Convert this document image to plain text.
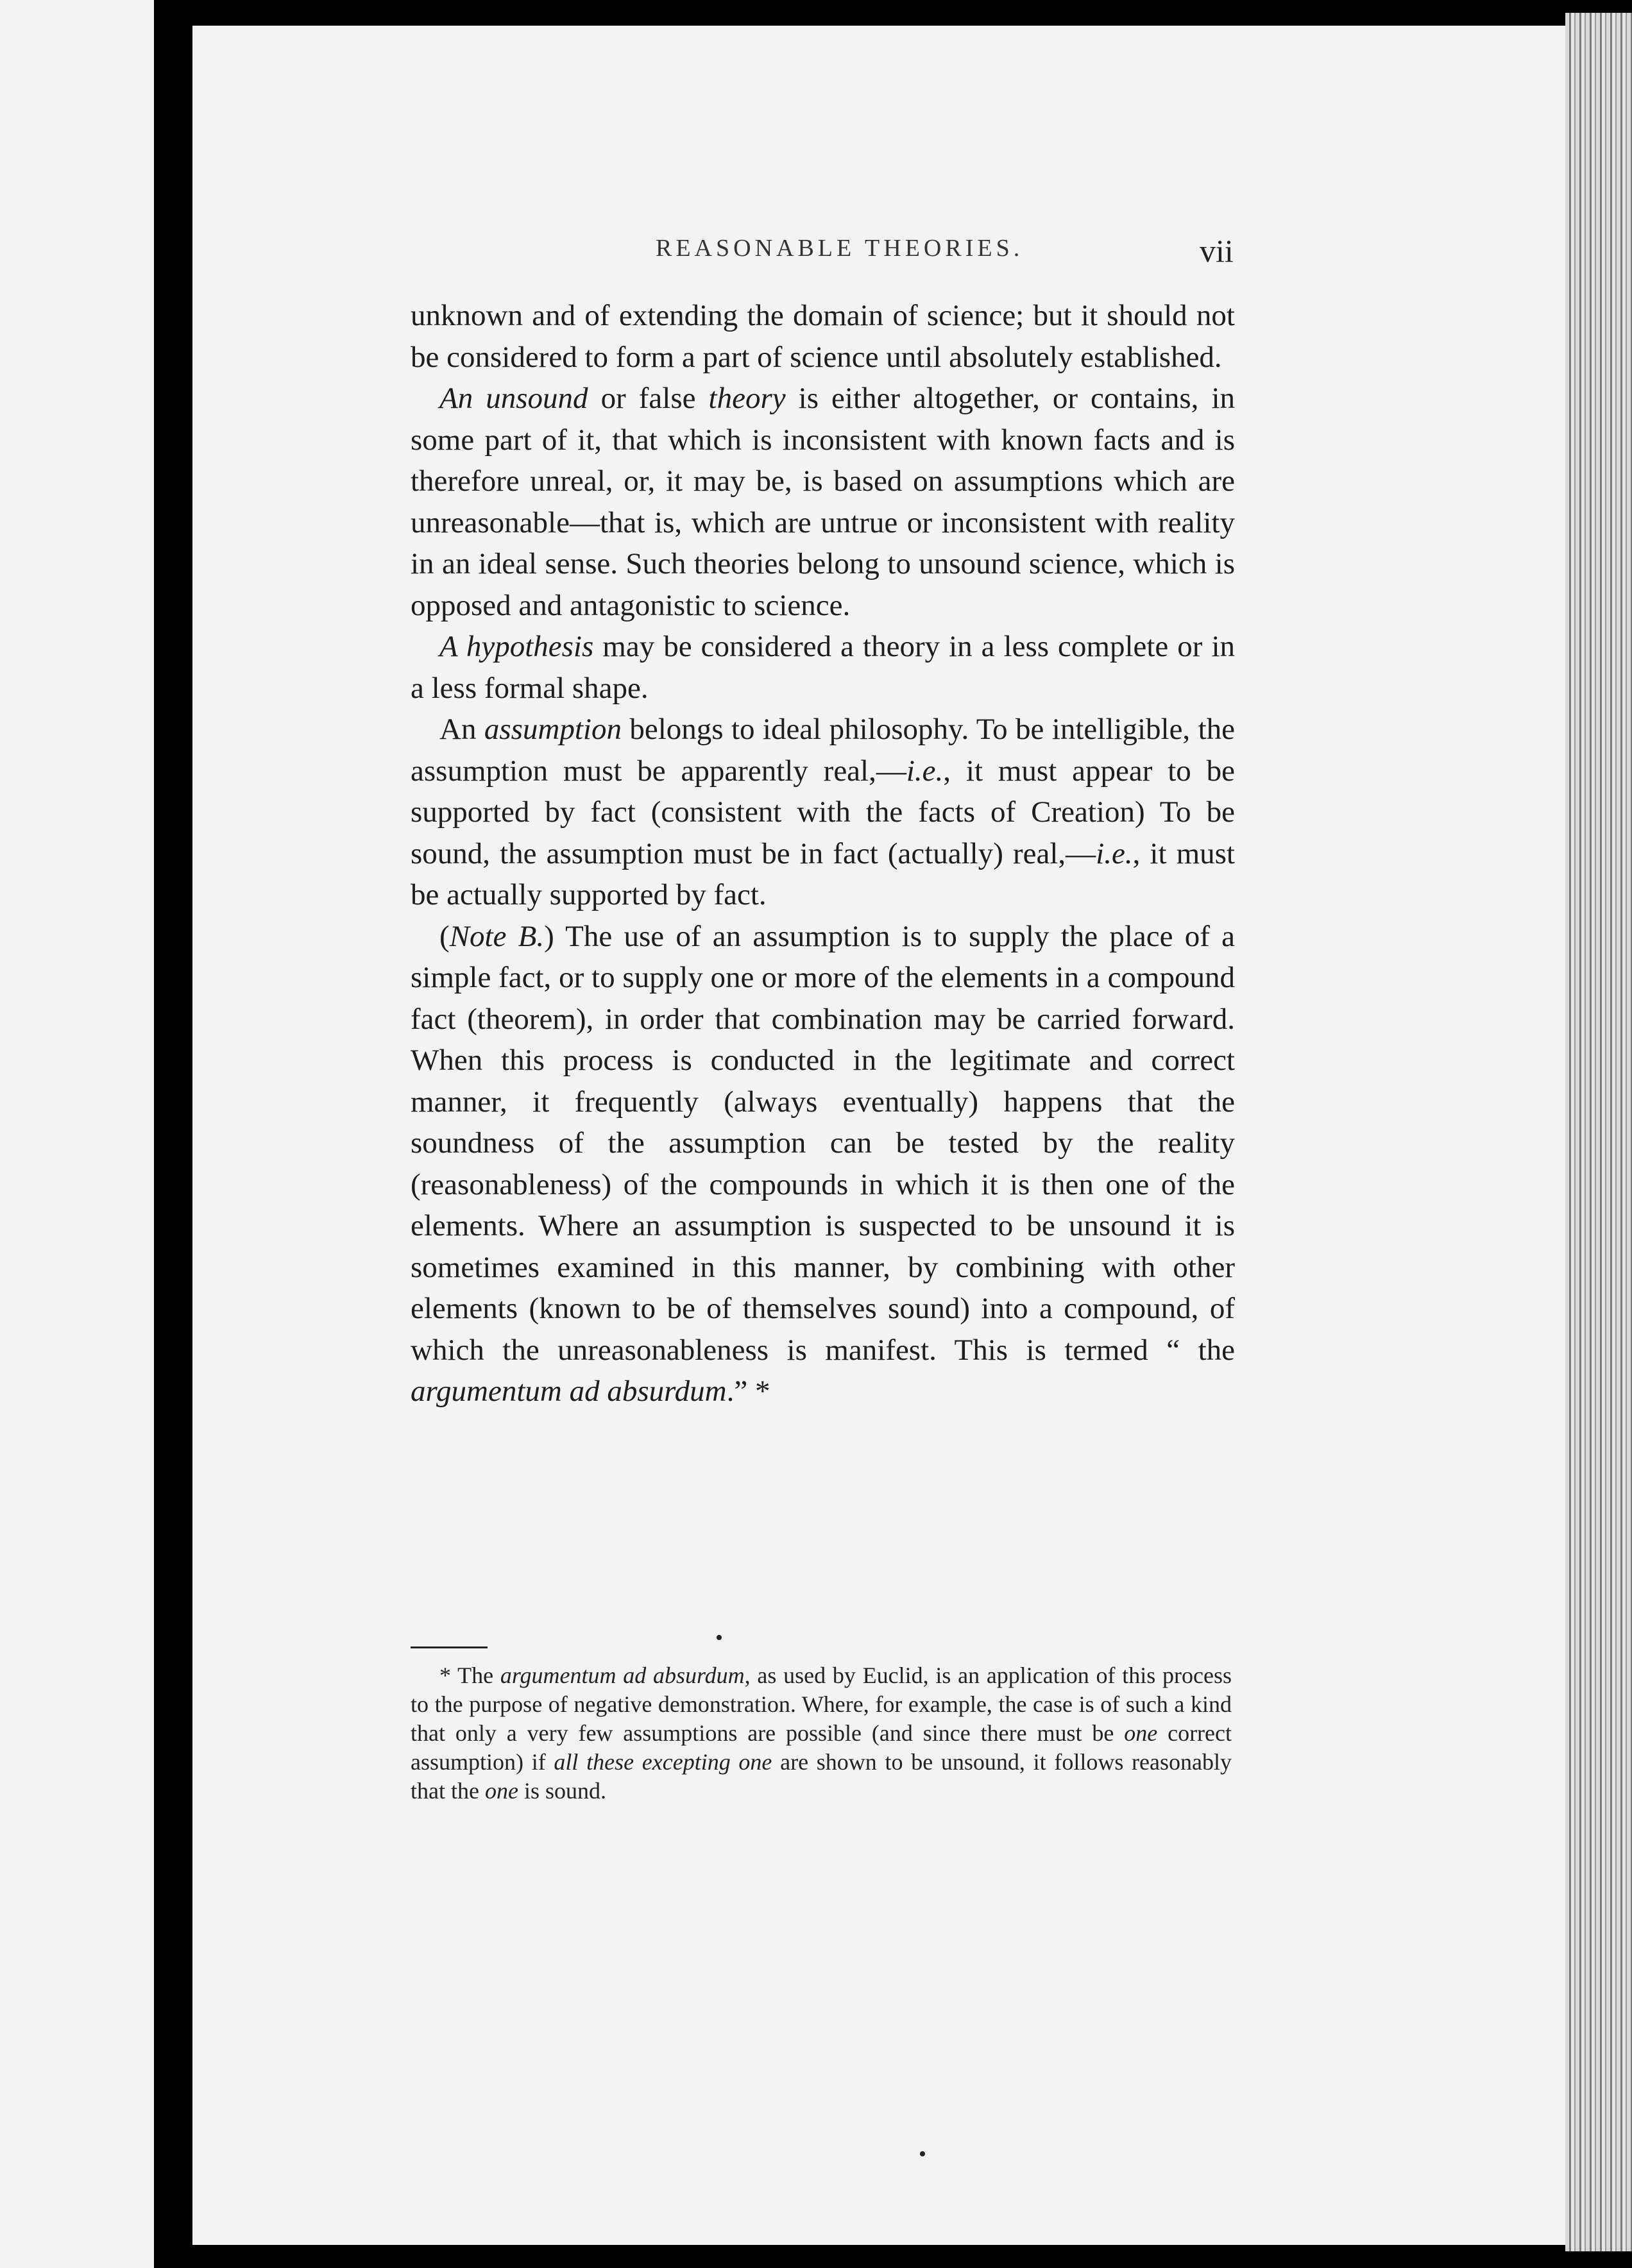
REASONABLE THEORIES.	vii

unknown and of extending the domain of science; but it should not be considered to form a part of science until absolutely established.

An unsound or false theory is either altogether, or contains, in some part of it, that which is inconsistent with known facts and is therefore unreal, or, it may be, is based on assumptions which are unreasonable—that is, which are untrue or inconsistent with reality in an ideal sense. Such theories belong to unsound science, which is opposed and antagonistic to science.

A hypothesis may be considered a theory in a less complete or in a less formal shape.

An assumption belongs to ideal philosophy. To be intelligible, the assumption must be apparently real,—i.e., it must appear to be supported by fact (consistent with the facts of Creation) To be sound, the assumption must be in fact (actually) real,—i.e., it must be actually supported by fact.

(Note B.) The use of an assumption is to supply the place of a simple fact, or to supply one or more of the elements in a compound fact (theorem), in order that combination may be carried forward. When this process is conducted in the legitimate and correct manner, it frequently (always eventually) happens that the soundness of the assumption can be tested by the reality (reasonableness) of the compounds in which it is then one of the elements. Where an assumption is suspected to be unsound it is sometimes examined in this manner, by combining with other elements (known to be of themselves sound) into a compound, of which the unreasonableness is manifest. This is termed “ the argumentum ad absurdum.” *

•

* The argumentum ad absurdum, as used by Euclid, is an application of this process to the purpose of negative demonstration. Where, for example, the case is of such a kind that only a very few assumptions are possible (and since there must be one correct assumption) if all these excepting one are shown to be unsound, it follows reasonably that the one is sound.

•
